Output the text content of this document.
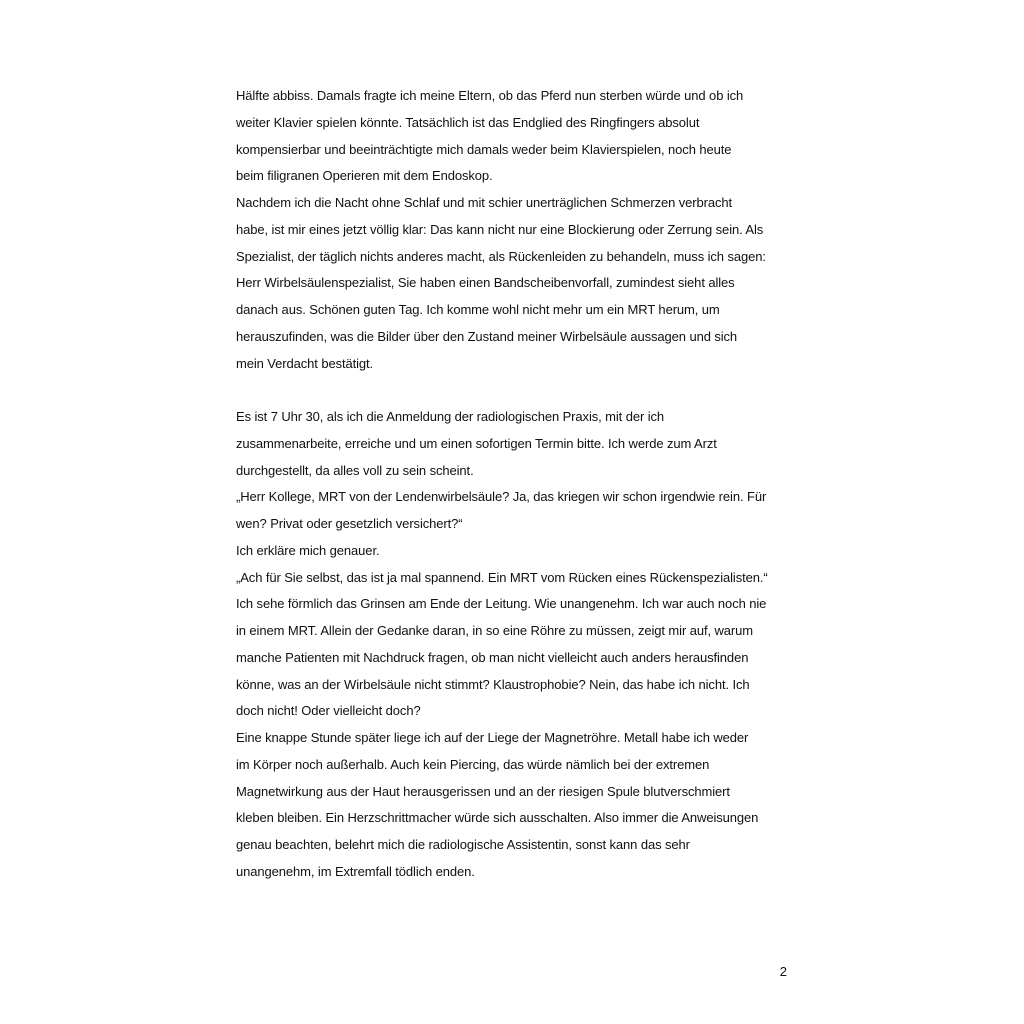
Hälfte abbiss. Damals fragte ich meine Eltern, ob das Pferd nun sterben würde und ob ich
weiter Klavier spielen könnte. Tatsächlich ist das Endglied des Ringfingers absolut
kompensierbar und beeinträchtigte mich damals weder beim Klavierspielen, noch heute
beim filigranen Operieren mit dem Endoskop.
Nachdem ich die Nacht ohne Schlaf und mit schier unerträglichen Schmerzen verbracht
habe, ist mir eines jetzt völlig klar: Das kann nicht nur eine Blockierung oder Zerrung sein. Als
Spezialist, der täglich nichts anderes macht, als Rückenleiden zu behandeln, muss ich sagen:
Herr Wirbelsäulenspezialist, Sie haben einen Bandscheibenvorfall, zumindest sieht alles
danach aus. Schönen guten Tag. Ich komme wohl nicht mehr um ein MRT herum, um
herauszufinden, was die Bilder über den Zustand meiner Wirbelsäule aussagen und sich
mein Verdacht bestätigt.
Es ist 7 Uhr 30, als ich die Anmeldung der radiologischen Praxis, mit der ich
zusammenarbeite, erreiche und um einen sofortigen Termin bitte. Ich werde zum Arzt
durchgestellt, da alles voll zu sein scheint.
„Herr Kollege, MRT von der Lendenwirbelsäule? Ja, das kriegen wir schon irgendwie rein. Für
wen? Privat oder gesetzlich versichert?“
Ich erkläre mich genauer.
„Ach für Sie selbst, das ist ja mal spannend. Ein MRT vom Rücken eines Rückenspezialisten.“
Ich sehe förmlich das Grinsen am Ende der Leitung. Wie unangenehm. Ich war auch noch nie
in einem MRT. Allein der Gedanke daran, in so eine Röhre zu müssen, zeigt mir auf, warum
manche Patienten mit Nachdruck fragen, ob man nicht vielleicht auch anders herausfinden
könne, was an der Wirbelsäule nicht stimmt? Klaustrophobie? Nein, das habe ich nicht. Ich
doch nicht! Oder vielleicht doch?
Eine knappe Stunde später liege ich auf der Liege der Magnetröhre. Metall habe ich weder
im Körper noch außerhalb. Auch kein Piercing, das würde nämlich bei der extremen
Magnetwirkung aus der Haut herausgerissen und an der riesigen Spule blutverschmiert
kleben bleiben. Ein Herzschrittmacher würde sich ausschalten. Also immer die Anweisungen
genau beachten, belehrt mich die radiologische Assistentin, sonst kann das sehr
unangenehm, im Extremfall tödlich enden.
2
